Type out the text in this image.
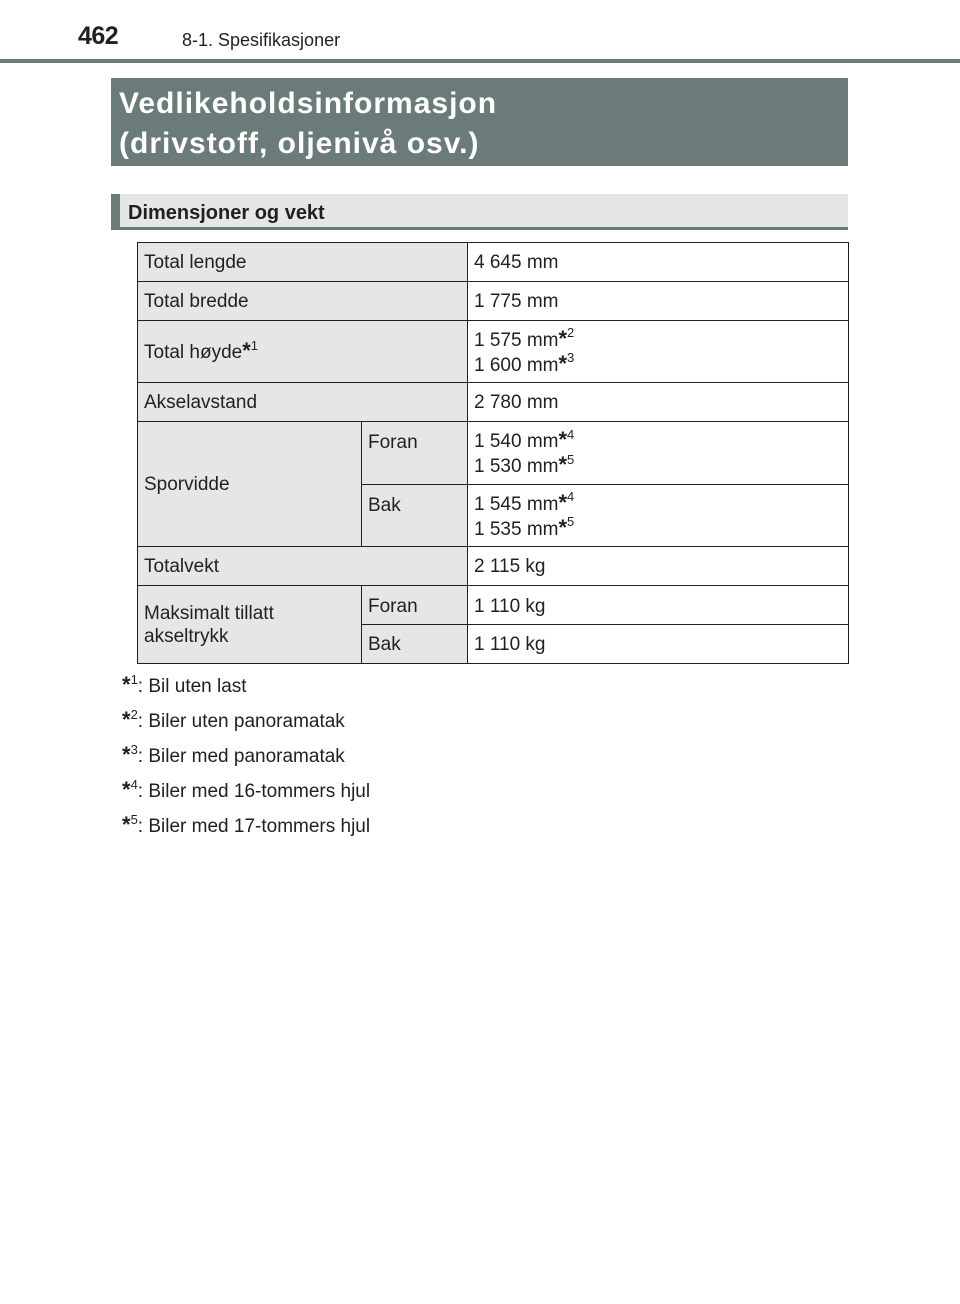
462	8-1. Spesifikasjoner
Vedlikeholdsinformasjon
(drivstoff, oljenivå osv.)
Dimensjoner og vekt
Total lengde		4 645 mm
Total bredde		1 775 mm
Total høyde*$^1$		1 575 mm*$^2$
1 600 mm*$^3$
Akselavstand		2 780 mm
Sporvidde	Foran	1 540 mm*$^4$
1 530 mm*$^5$
	Bak	1 545 mm*$^4$
1 535 mm*$^5$
Totalvekt		2 115 kg
Maksimalt tillatt
akseltrykk	Foran	1 110 kg
	Bak	1 110 kg
*$^1$: Bil uten last
*$^2$: Biler uten panoramatak
*$^3$: Biler med panoramatak
*$^4$: Biler med 16-tommers hjul
*$^5$: Biler med 17-tommers hjul
